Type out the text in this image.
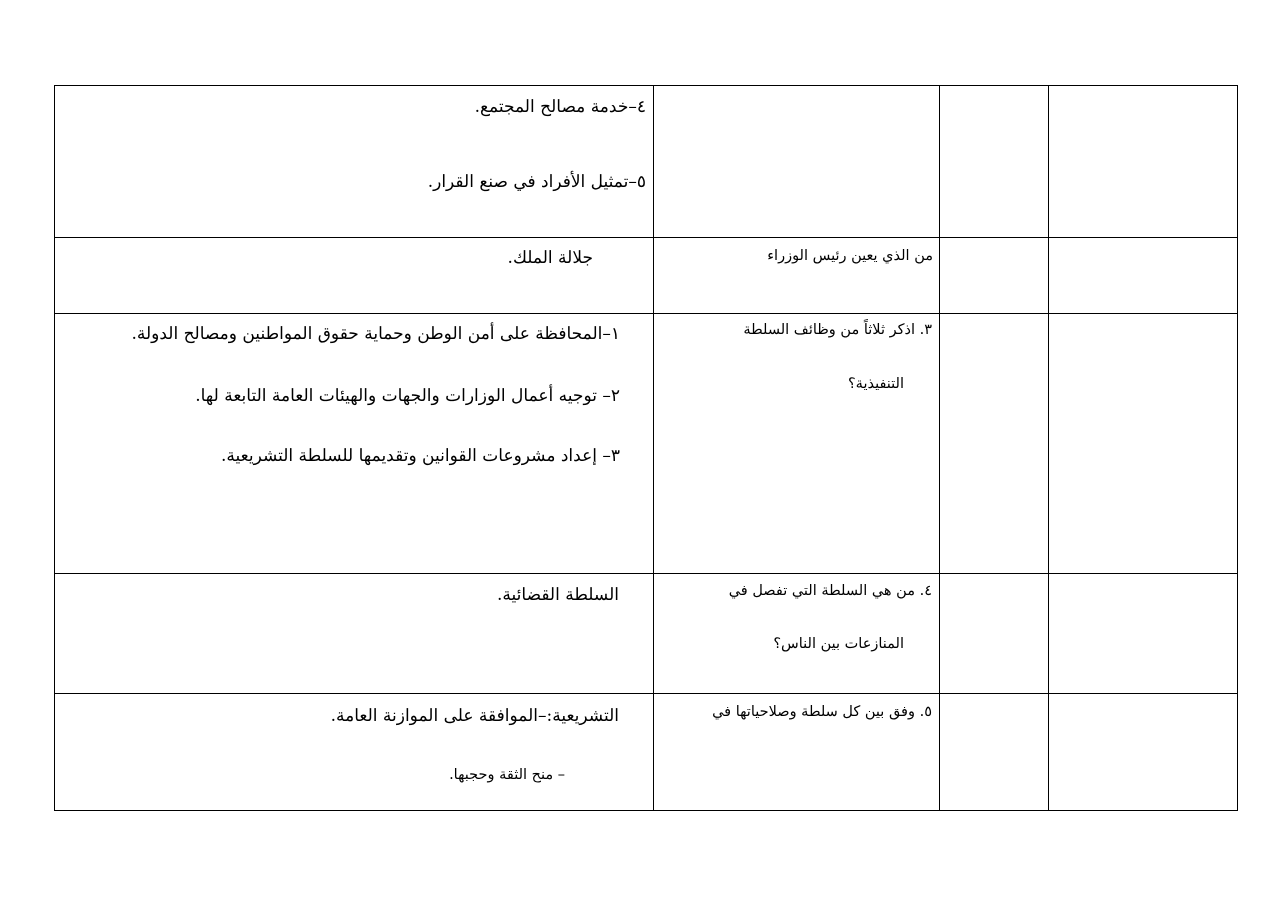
٤–خدمة مصالح المجتمع.
٥–تمثيل الأفراد في صنع القرار.
من الذي يعين رئيس الوزراء
جلالة الملك.
٣. اذكر ثلاثاً من وظائف السلطة
التنفيذية؟
١–المحافظة على أمن الوطن وحماية حقوق المواطنين ومصالح الدولة.
٢– توجيه أعمال الوزارات والجهات والهيئات العامة التابعة لها.
٣– إعداد مشروعات القوانين وتقديمها للسلطة التشريعية.
٤. من هي السلطة التي تفصل في
المنازعات بين الناس؟
السلطة القضائية.
٥. وفق بين كل سلطة وصلاحياتها في
التشريعية:–الموافقة على الموازنة العامة.
– منح الثقة وحجبها.
